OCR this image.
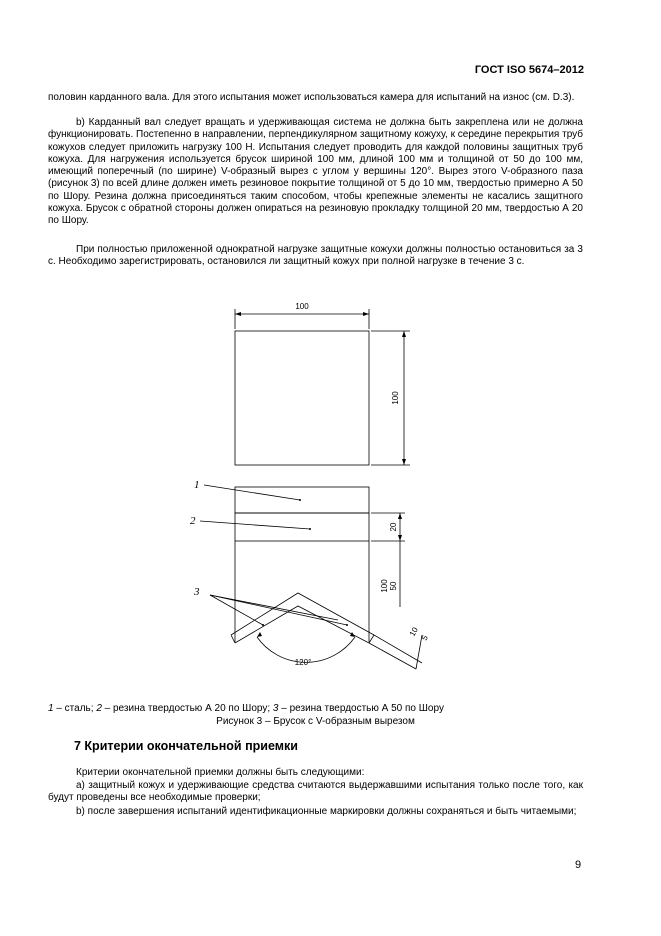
ГОСТ ISO 5674–2012
половин карданного вала. Для этого испытания может использоваться камера для испытаний на износ (см. D.3).
b) Карданный вал следует вращать и удерживающая система не должна быть закреплена или не должна функционировать. Постепенно в направлении, перпендикулярном защитному кожуху, к середине перекрытия труб кожухов следует приложить нагрузку 100 Н. Испытания следует проводить для каждой половины защитных труб кожуха. Для нагружения используется брусок шириной 100 мм, длиной 100 мм и толщиной от 50 до 100 мм, имеющий поперечный (по ширине) V-образный вырез с углом у вершины 120°. Вырез этого V-образного паза (рисунок 3) по всей длине должен иметь резиновое покрытие толщиной от 5 до 10 мм, твердостью примерно А 50 по Шору. Резина должна присоединяться таким способом, чтобы крепежные элементы не касались защитного кожуха. Брусок с обратной стороны должен опираться на резиновую прокладку толщиной 20 мм, твердостью А 20 по Шору.
При полностью приложенной однократной нагрузке защитные кожухи должны полностью остановиться за 3 с. Необходимо зарегистрировать, остановился ли защитный кожух при полной нагрузке в течение 3 с.
100
100
20
100 50
10 5
120°
1
2
3
1 – сталь; 2 – резина твердостью А 20 по Шору; 3 – резина твердостью А 50 по Шору
Рисунок 3 – Брусок с V-образным вырезом
7 Критерии окончательной приемки
Критерии окончательной приемки должны быть следующими:
a) защитный кожух и удерживающие средства считаются выдержавшими испытания только после того, как будут проведены все необходимые проверки;
b) после завершения испытаний идентификационные маркировки должны сохраняться и быть читаемыми;
9
